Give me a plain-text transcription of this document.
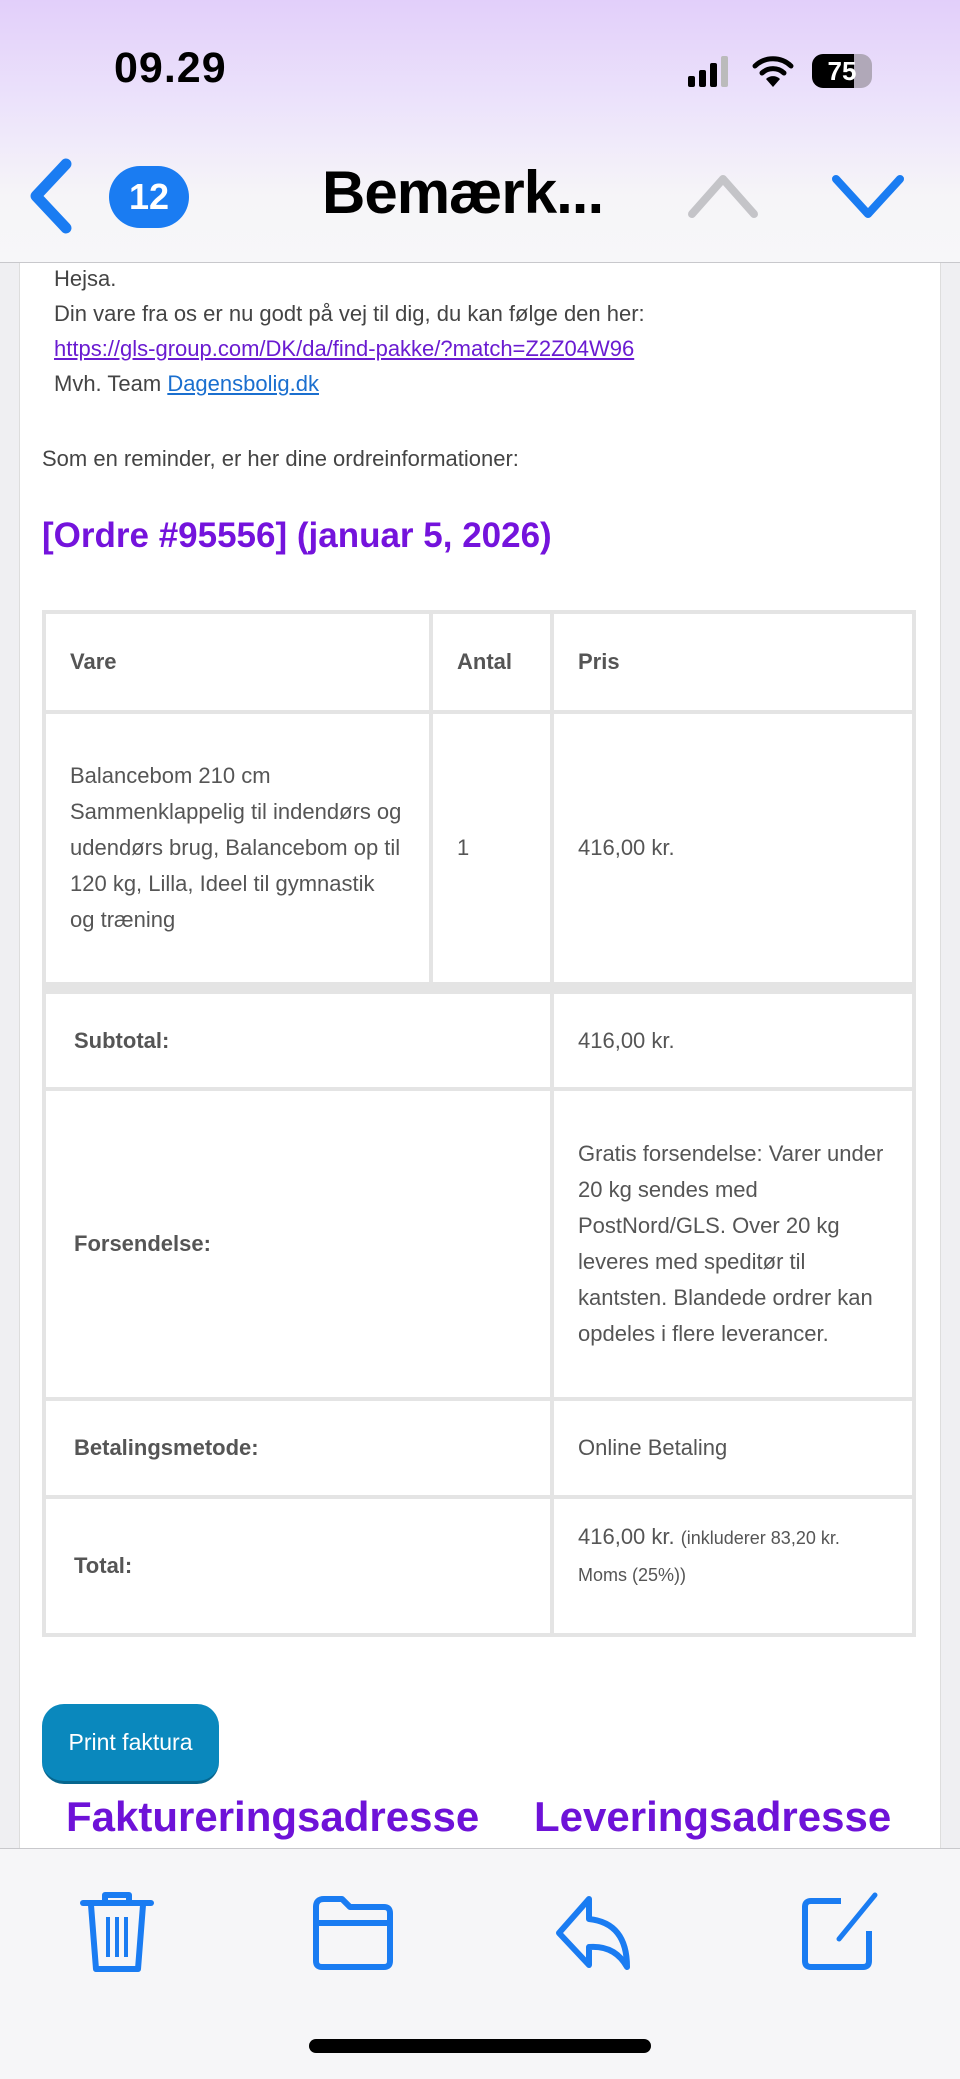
09.29	75
12	Bemærk...
Hejsa.
Din vare fra os er nu godt på vej til dig, du kan følge den her:
https://gls-group.com/DK/da/find-pakke/?match=Z2Z04W96
Mvh. Team Dagensbolig.dk
Som en reminder, er her dine ordreinformationer:
[Ordre #95556] (januar 5, 2026)
Vare	Antal	Pris
Balancebom 210 cm Sammenklappelig til indendørs og udendørs brug, Balancebom op til 120 kg, Lilla, Ideel til gymnastik og træning	1	416,00 kr.

Subtotal:		416,00 kr.
Forsendelse:		Gratis forsendelse: Varer under 20 kg sendes med PostNord/GLS. Over 20 kg leveres med speditør til kantsten. Blandede ordrer kan opdeles i flere leverancer.
Betalingsmetode:		Online Betaling
Total:		416,00 kr. (inkluderer 83,20 kr. Moms (25%))
Print faktura
Faktureringsadresse Leveringsadresse
